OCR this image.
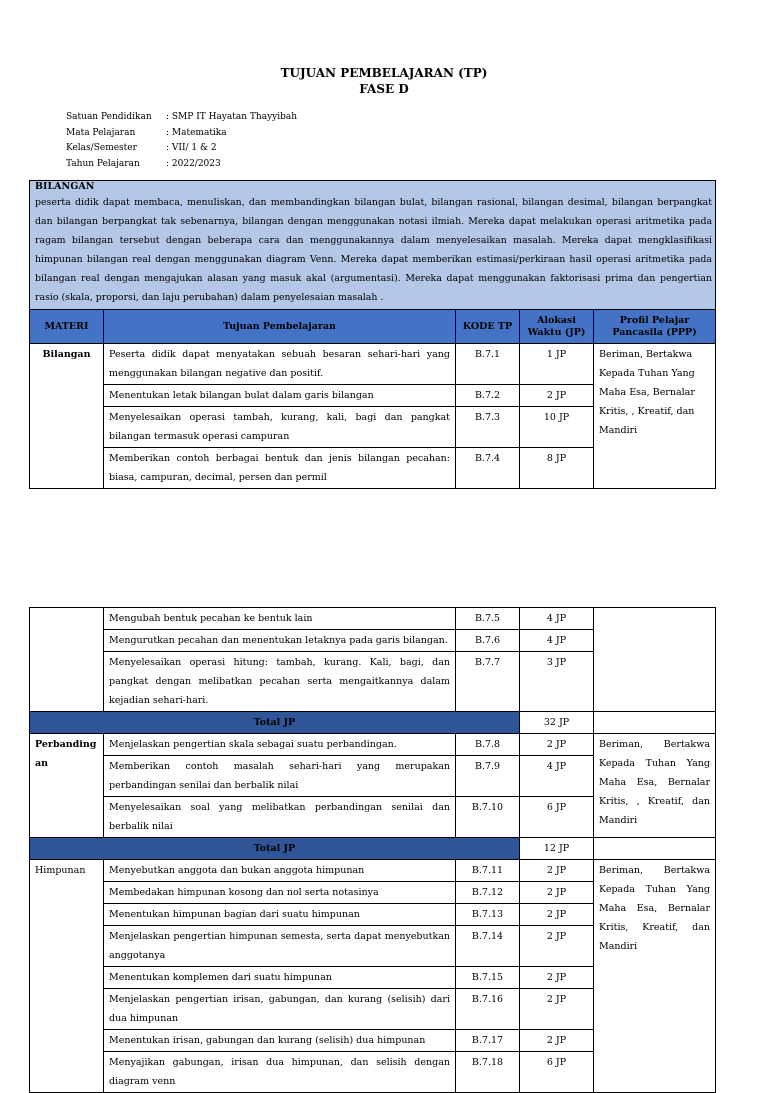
TUJUAN PEMBELAJARAN (TP)
FASE D
Satuan Pendidikan	: SMP IT Hayatan Thayyibah
Mata Pelajaran	: Matematika
Kelas/Semester	: VII/ 1 & 2
Tahun Pelajaran	: 2022/2023
BILANGAN
peserta didik dapat membaca, menuliskan, dan membandingkan bilangan bulat, bilangan rasional, bilangan desimal, bilangan berpangkat dan bilangan berpangkat tak sebenarnya, bilangan dengan menggunakan notasi ilmiah. Mereka dapat melakukan operasi aritmetika pada ragam bilangan tersebut dengan beberapa cara dan menggunakannya dalam menyelesaikan masalah. Mereka dapat mengklasifikasi himpunan bilangan real dengan menggunakan diagram Venn. Mereka dapat memberikan estimasi/perkiraan hasil operasi aritmetika pada bilangan real dengan mengajukan alasan yang masuk akal (argumentasi). Mereka dapat menggunakan faktorisasi prima dan pengertian rasio (skala, proporsi, dan laju perubahan) dalam penyelesaian masalah .				

MATERI	Tujuan Pembelajaran	KODE TP	Alokasi Waktu (JP)	Profil Pelajar Pancasila (PPP)
Bilangan	Peserta didik dapat menyatakan sebuah besaran sehari-hari yang menggunakan bilangan negative dan positif.	B.7.1	1 JP	Beriman, Bertakwa Kepada Tuhan Yang Maha Esa, Bernalar Kritis, , Kreatif, dan Mandiri
	Menentukan letak bilangan bulat dalam garis bilangan	B.7.2	2 JP	
	Menyelesaikan operasi tambah, kurang, kali, bagi dan pangkat bilangan termasuk operasi campuran	B.7.3	10 JP	
	Memberikan contoh berbagai bentuk dan jenis bilangan pecahan: biasa, campuran, decimal, persen dan permil	B.7.4	8 JP	
	Mengubah bentuk pecahan ke bentuk lain	B.7.5	4 JP	
	Mengurutkan pecahan dan menentukan letaknya pada garis bilangan.	B.7.6	4 JP	
	Menyelesaikan operasi hitung: tambah, kurang. Kali, bagi, dan pangkat dengan melibatkan pecahan serta mengaitkannya dalam kejadian sehari-hari.	B.7.7	3 JP	
Total JP			32 JP	
Perbandingan	Menjelaskan pengertian skala sebagai suatu perbandingan.	B.7.8	2 JP	Beriman, Bertakwa Kepada Tuhan Yang Maha Esa, Bernalar Kritis, , Kreatif, dan Mandiri
	Memberikan contoh masalah sehari-hari yang merupakan perbandingan senilai dan berbalik nilai	B.7.9	4 JP	
	Menyelesaikan soal yang melibatkan perbandingan senilai dan berbalik nilai	B.7.10	6 JP	
Total JP			12 JP	
Himpunan	Menyebutkan anggota dan bukan anggota himpunan	B.7.11	2 JP	Beriman, Bertakwa Kepada Tuhan Yang Maha Esa, Bernalar Kritis, Kreatif, dan Mandiri
	Membedakan himpunan kosong dan nol serta notasinya	B.7.12	2 JP	
	Menentukan himpunan bagian dari suatu himpunan	B.7.13	2 JP	
	Menjelaskan pengertian himpunan semesta, serta dapat menyebutkan anggotanya	B.7.14	2 JP	
	Menentukan komplemen dari suatu himpunan	B.7.15	2 JP	
	Menjelaskan pengertian irisan, gabungan, dan kurang (selisih) dari dua himpunan	B.7.16	2 JP	
	Menentukan irisan, gabungan dan kurang (selisih) dua himpunan	B.7.17	2 JP	
	Menyajikan gabungan, irisan dua himpunan, dan selisih dengan diagram venn	B.7.18	6 JP	
